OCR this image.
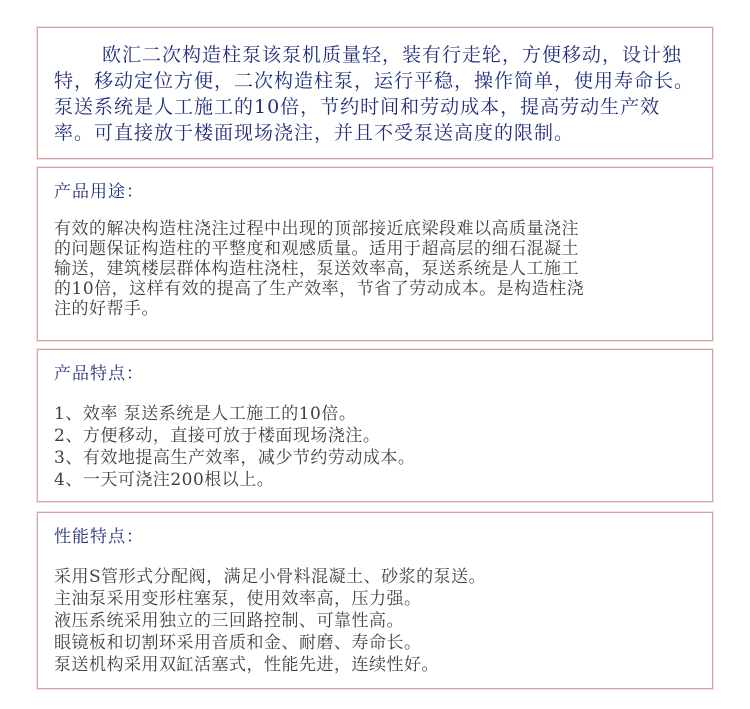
欧汇二次构造柱泵该泵机质量轻，装有行走轮，方便移动，设计独特，移动定位方便，二次构造柱泵，运行平稳，操作简单，使用寿命长。泵送系统是人工施工的10倍，节约时间和劳动成本，提高劳动生产效率。可直接放于楼面现场浇注，并且不受泵送高度的限制。
产品用途：
有效的解决构造柱浇注过程中出现的顶部接近底梁段难以高质量浇注
的问题保证构造柱的平整度和观感质量。适用于超高层的细石混凝土
输送，建筑楼层群体构造柱浇柱，泵送效率高，泵送系统是人工施工
的10倍，这样有效的提高了生产效率，节省了劳动成本。是构造柱浇
注的好帮手。
产品特点：
1、效率 泵送系统是人工施工的10倍。
2、方便移动，直接可放于楼面现场浇注。
3、有效地提高生产效率，减少节约劳动成本。
4、一天可浇注200根以上。
性能特点：
采用S管形式分配阀，满足小骨料混凝土、砂浆的泵送。
主油泵采用变形柱塞泵，使用效率高，压力强。
液压系统采用独立的三回路控制、可靠性高。
眼镜板和切割环采用音质和金、耐磨、寿命长。
泵送机构采用双缸活塞式，性能先进，连续性好。
